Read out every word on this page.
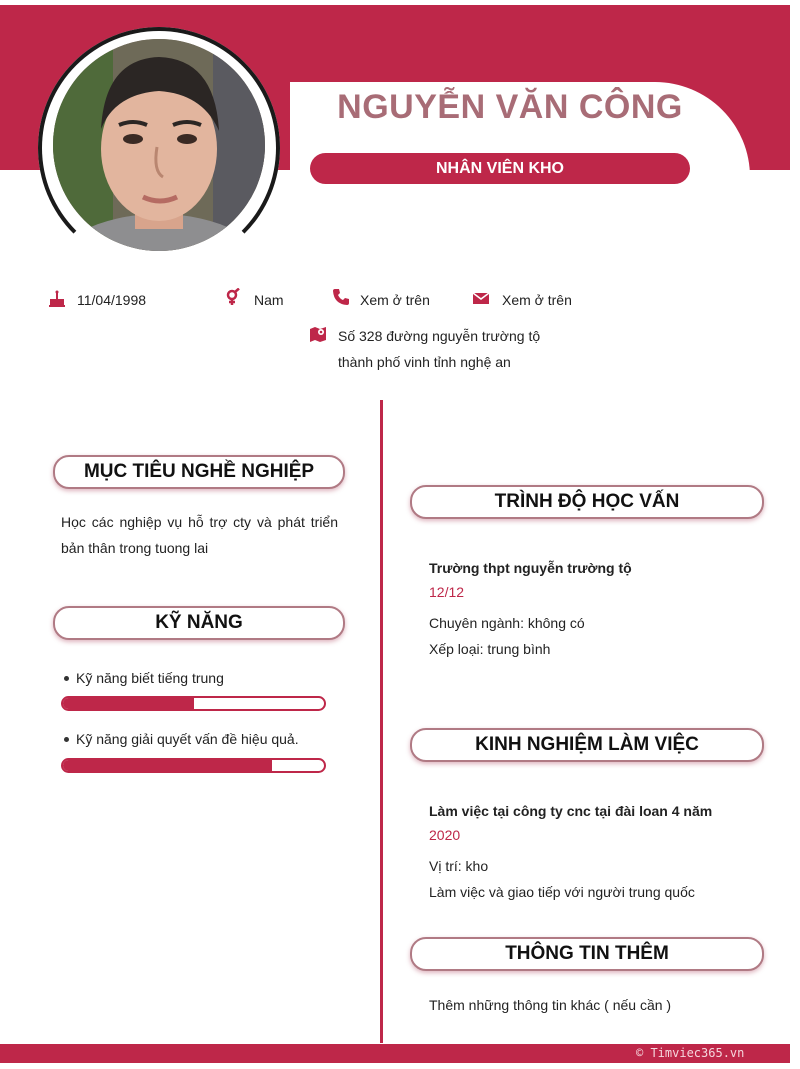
NGUYỄN VĂN CÔNG
NHÂN VIÊN KHO
11/04/1998	Nam	Xem ở trên	Xem ở trên
Số 328 đường nguyễn trường tộ
thành phố vinh tỉnh nghệ an
MỤC TIÊU NGHỀ NGHIỆP
Học các nghiệp vụ hỗ trợ cty và phát triển
bản thân trong tuong lai
KỸ NĂNG
Kỹ năng biết tiếng trung
Kỹ năng giải quyết vấn đề hiệu quả.
TRÌNH ĐỘ HỌC VẤN
Trường thpt nguyễn trường tộ
12/12
Chuyên ngành: không có
Xếp loại: trung bình
KINH NGHIỆM LÀM VIỆC
Làm việc tại công ty cnc tại đài loan 4 năm
2020
Vị trí: kho
Làm việc và giao tiếp với người trung quốc
THÔNG TIN THÊM
Thêm những thông tin khác ( nếu cần )
© Timviec365.vn
